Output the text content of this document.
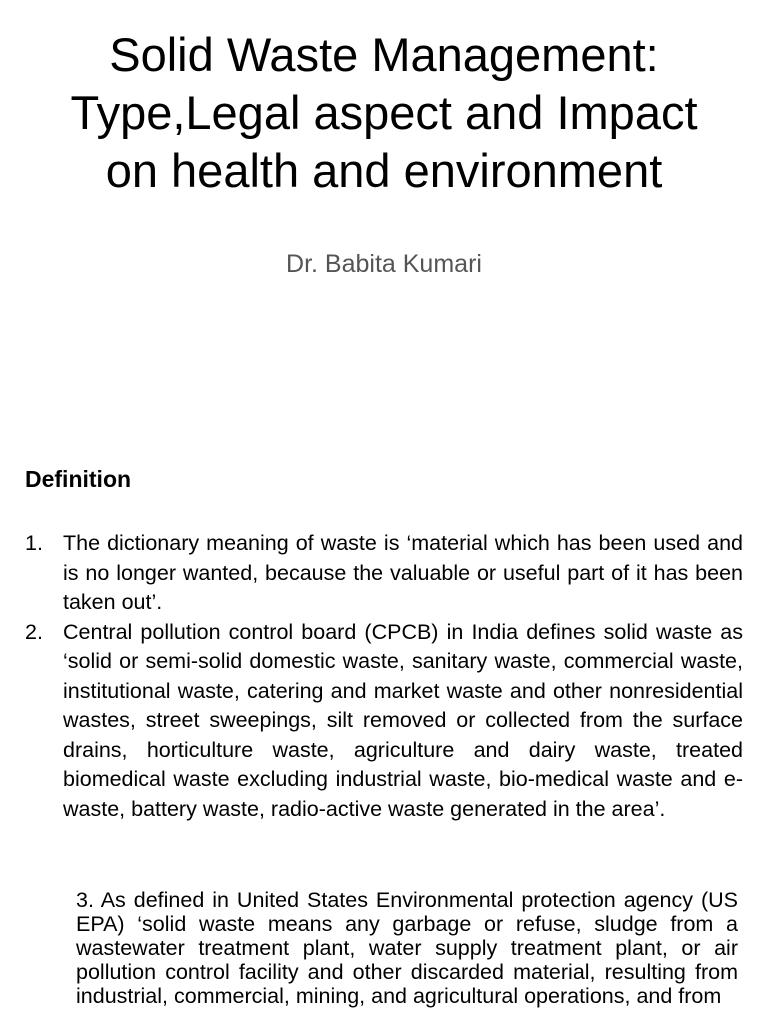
Solid Waste Management:
Type,Legal aspect and Impact
on health and environment

Dr. Babita Kumari

Definition
1. The dictionary meaning of waste is ‘material which has been used and is no longer wanted, because the valuable or useful part of it has been taken out’.
2. Central pollution control board (CPCB) in India defines solid waste as ‘solid or semi-solid domestic waste, sanitary waste, commercial waste, institutional waste, catering and market waste and other nonresidential wastes, street sweepings, silt removed or collected from the surface drains, horticulture waste, agriculture and dairy waste, treated biomedical waste excluding industrial waste, bio-medical waste and e-waste, battery waste, radio-active waste generated in the area’.

3. As defined in United States Environmental protection agency (US EPA) ‘solid waste means any garbage or refuse, sludge from a wastewater treatment plant, water supply treatment plant, or air pollution control facility and other discarded material, resulting from industrial, commercial, mining, and agricultural operations, and from
